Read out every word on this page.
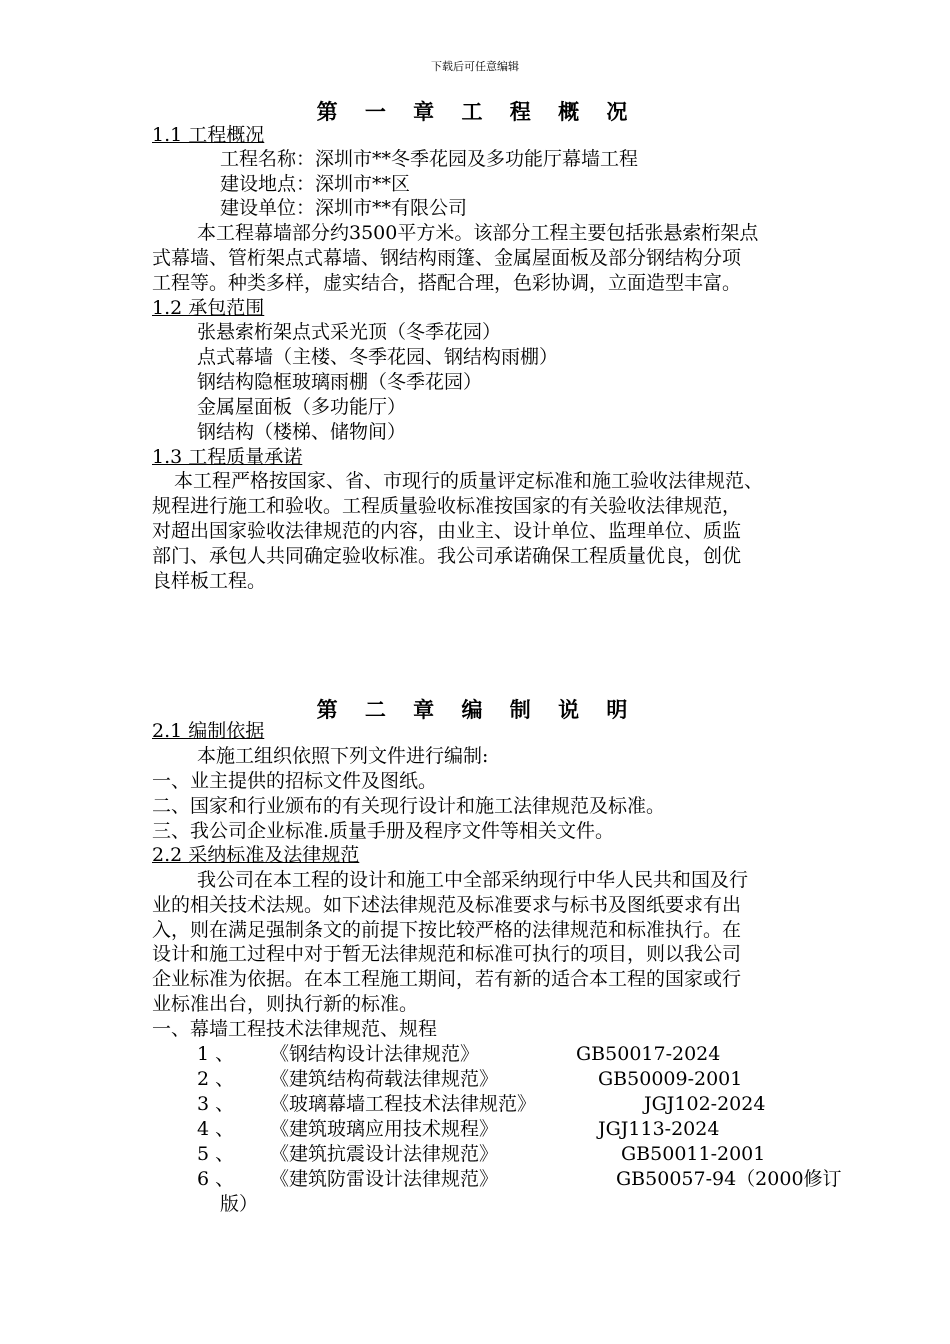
下载后可任意编辑
第 一 章 工 程 概 况
1.1 工程概况
工程名称：深圳市**冬季花园及多功能厅幕墙工程
建设地点：深圳市**区
建设单位：深圳市**有限公司
本工程幕墙部分约3500平方米。该部分工程主要包括张悬索桁架点
式幕墙、管桁架点式幕墙、钢结构雨篷、金属屋面板及部分钢结构分项
工程等。种类多样，虚实结合，搭配合理，色彩协调，立面造型丰富。
1.2 承包范围
张悬索桁架点式采光顶（冬季花园）
点式幕墙（主楼、冬季花园、钢结构雨棚）
钢结构隐框玻璃雨棚（冬季花园）
金属屋面板（多功能厅）
钢结构（楼梯、储物间）
1.3 工程质量承诺
本工程严格按国家、省、市现行的质量评定标准和施工验收法律规范、
规程进行施工和验收。工程质量验收标准按国家的有关验收法律规范，
对超出国家验收法律规范的内容，由业主、设计单位、监理单位、质监
部门、承包人共同确定验收标准。我公司承诺确保工程质量优良，创优
良样板工程。
第 二 章 编 制 说 明
2.1 编制依据
本施工组织依照下列文件进行编制:
一、业主提供的招标文件及图纸。
二、国家和行业颁布的有关现行设计和施工法律规范及标准。
三、我公司企业标准.质量手册及程序文件等相关文件。
2.2 采纳标准及法律规范
我公司在本工程的设计和施工中全部采纳现行中华人民共和国及行
业的相关技术法规。如下述法律规范及标准要求与标书及图纸要求有出
入，则在满足强制条文的前提下按比较严格的法律规范和标准执行。在
设计和施工过程中对于暂无法律规范和标准可执行的项目，则以我公司
企业标准为依据。在本工程施工期间，若有新的适合本工程的国家或行
业标准出台，则执行新的标准。
一、幕墙工程技术法律规范、规程
1 、 《钢结构设计法律规范》	GB50017-2024
2 、 《建筑结构荷载法律规范》	GB50009-2001
3 、 《玻璃幕墙工程技术法律规范》	JGJ102-2024
4 、 《建筑玻璃应用技术规程》	JGJ113-2024
5 、 《建筑抗震设计法律规范》	GB50011-2001
6 、 《建筑防雷设计法律规范》	GB50057-94（2000修订
版）
